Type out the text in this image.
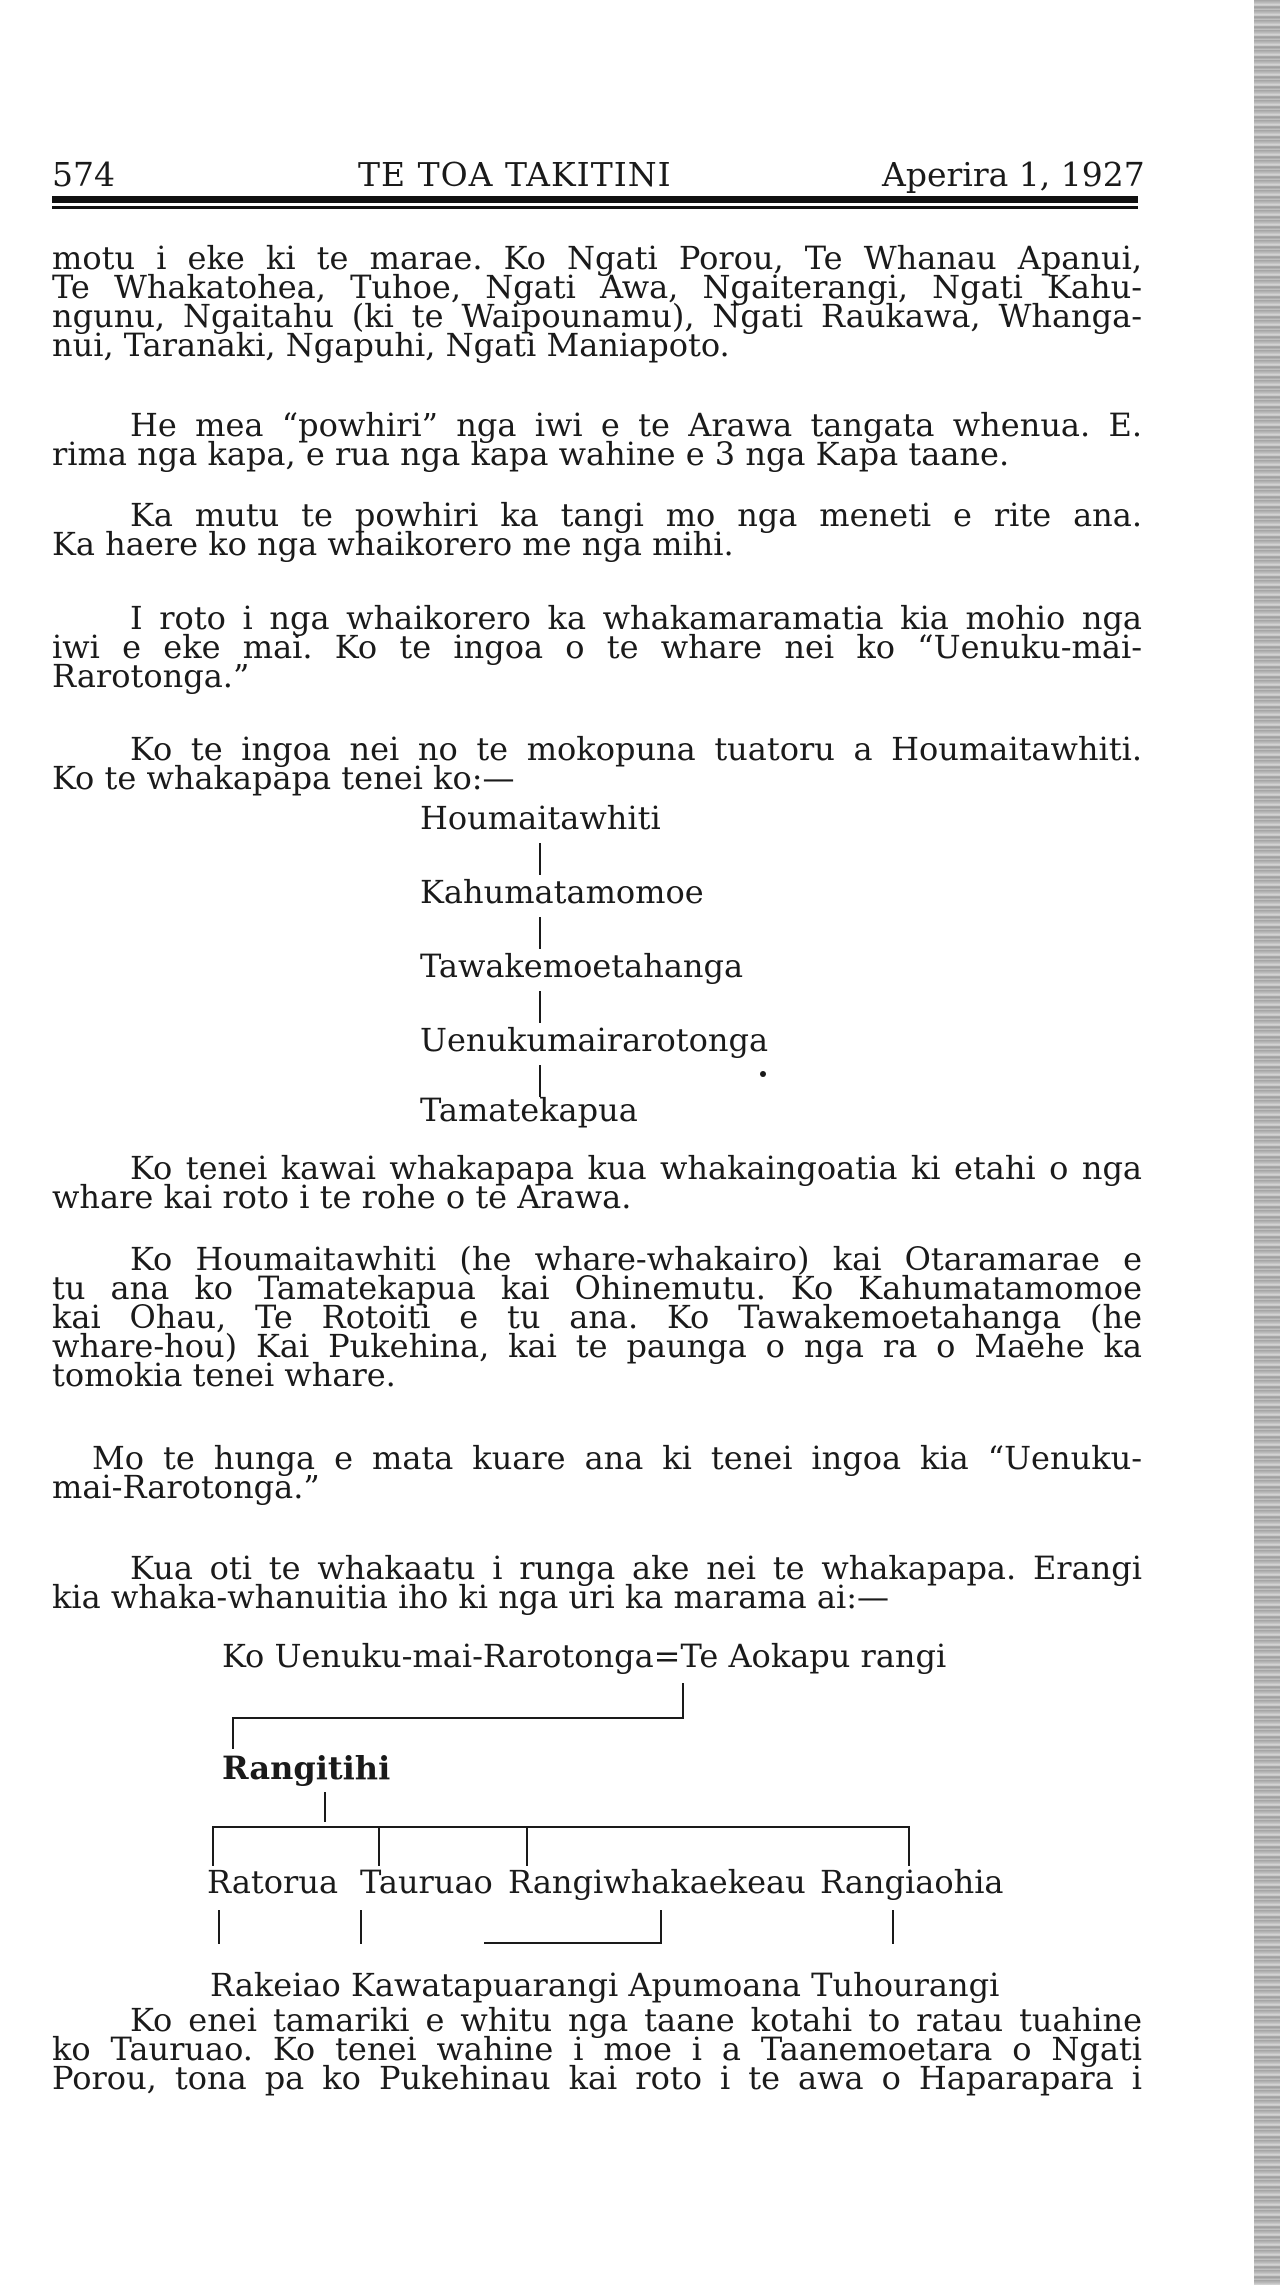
574	TE TOA TAKITINI	Aperira 1, 1927
motu i eke ki te marae. Ko Ngati Porou, Te Whanau Apanui,
Te Whakatohea, Tuhoe, Ngati Awa, Ngaiterangi, Ngati Kahu-
ngunu, Ngaitahu (ki te Waipounamu), Ngati Raukawa, Whanga-
nui, Taranaki, Ngapuhi, Ngati Maniapoto.
He mea “powhiri” nga iwi e te Arawa tangata whenua. E.
rima nga kapa, e rua nga kapa wahine e 3 nga Kapa taane.
Ka mutu te powhiri ka tangi mo nga meneti e rite ana.
Ka haere ko nga whaikorero me nga mihi.
I roto i nga whaikorero ka whakamaramatia kia mohio nga
iwi e eke mai. Ko te ingoa o te whare nei ko “Uenuku-mai-
Rarotonga.”
Ko te ingoa nei no te mokopuna tuatoru a Houmaitawhiti.
Ko te whakapapa tenei ko:—
Houmaitawhiti
Kahumatamomoe
Tawakemoetahanga
Uenukumairarotonga
Tamatekapua
Ko tenei kawai whakapapa kua whakaingoatia ki etahi o nga
whare kai roto i te rohe o te Arawa.
Ko Houmaitawhiti (he whare-whakairo) kai Otaramarae e
tu ana ko Tamatekapua kai Ohinemutu. Ko Kahumatamomoe
kai Ohau, Te Rotoiti e tu ana. Ko Tawakemoetahanga (he
whare-hou) Kai Pukehina, kai te paunga o nga ra o Maehe ka
tomokia tenei whare.
Mo te hunga e mata kuare ana ki tenei ingoa kia “Uenuku-
mai-Rarotonga.”
Kua oti te whakaatu i runga ake nei te whakapapa. Erangi
kia whaka-whanuitia iho ki nga uri ka marama ai:—
Ko Uenuku-mai-Rarotonga=Te Aokapu rangi
Rangitihi
Ratorua Tauruao Rangiwhakaekeau Rangiaohia
Rakeiao Kawatapuarangi Apumoana Tuhourangi
Ko enei tamariki e whitu nga taane kotahi to ratau tuahine
ko Tauruao. Ko tenei wahine i moe i a Taanemoetara o Ngati
Porou, tona pa ko Pukehinau kai roto i te awa o Haparapara i
